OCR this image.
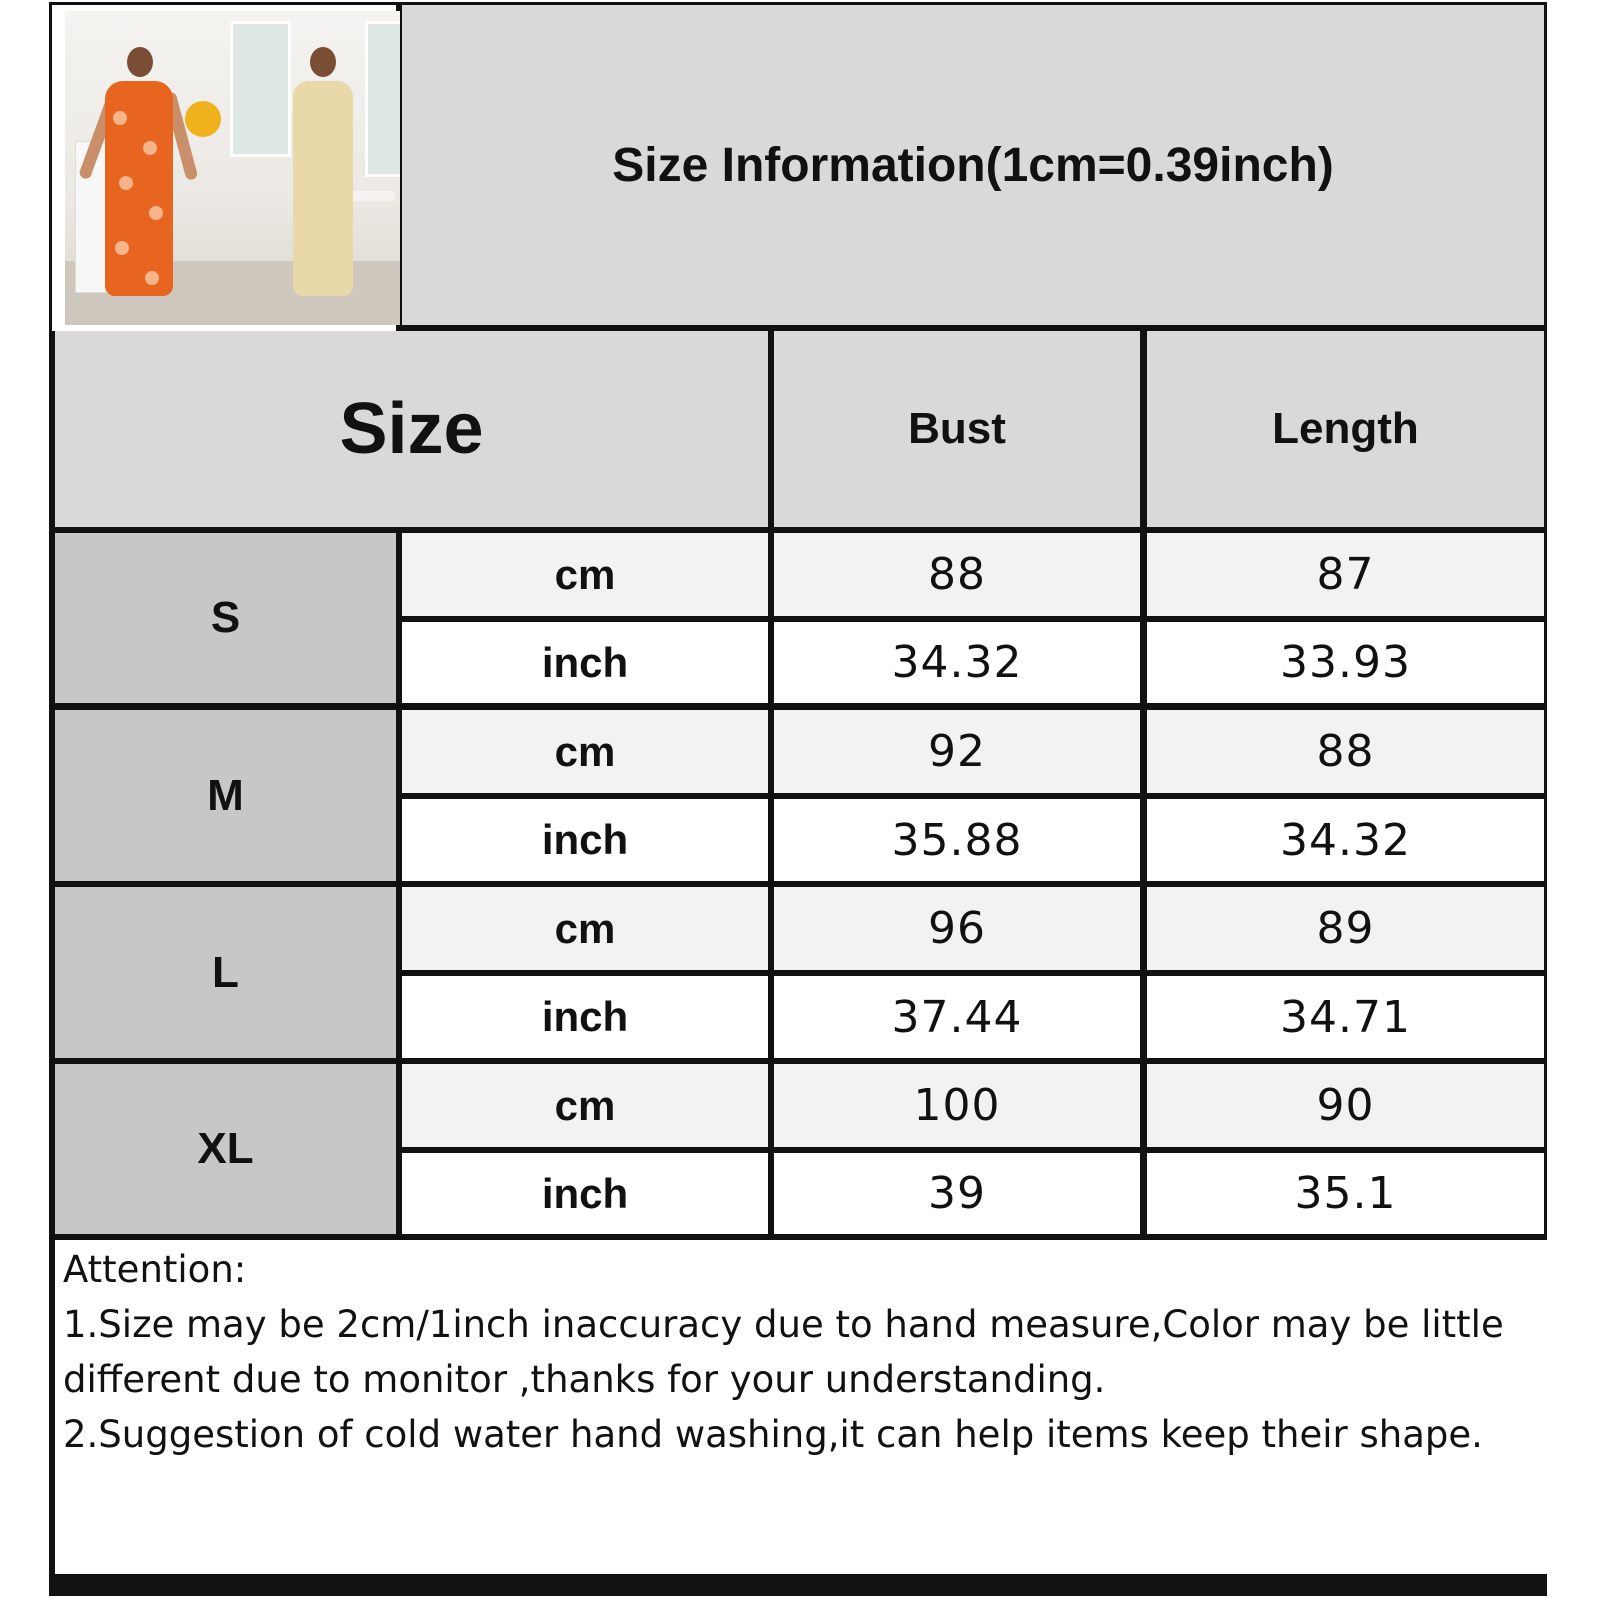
Size Information(1cm=0.39inch)
Size	Bust	Length
S
cm	88	87
inch	34.32	33.93
M
cm	92	88
inch	35.88	34.32
L
cm	96	89
inch	37.44	34.71
XL
cm	100	90
inch	39	35.1
Attention:
1.Size may be 2cm/1inch inaccuracy due to hand measure,Color may be little
different due to monitor ,thanks for your understanding.
2.Suggestion of cold water hand washing,it can help items keep their shape.
